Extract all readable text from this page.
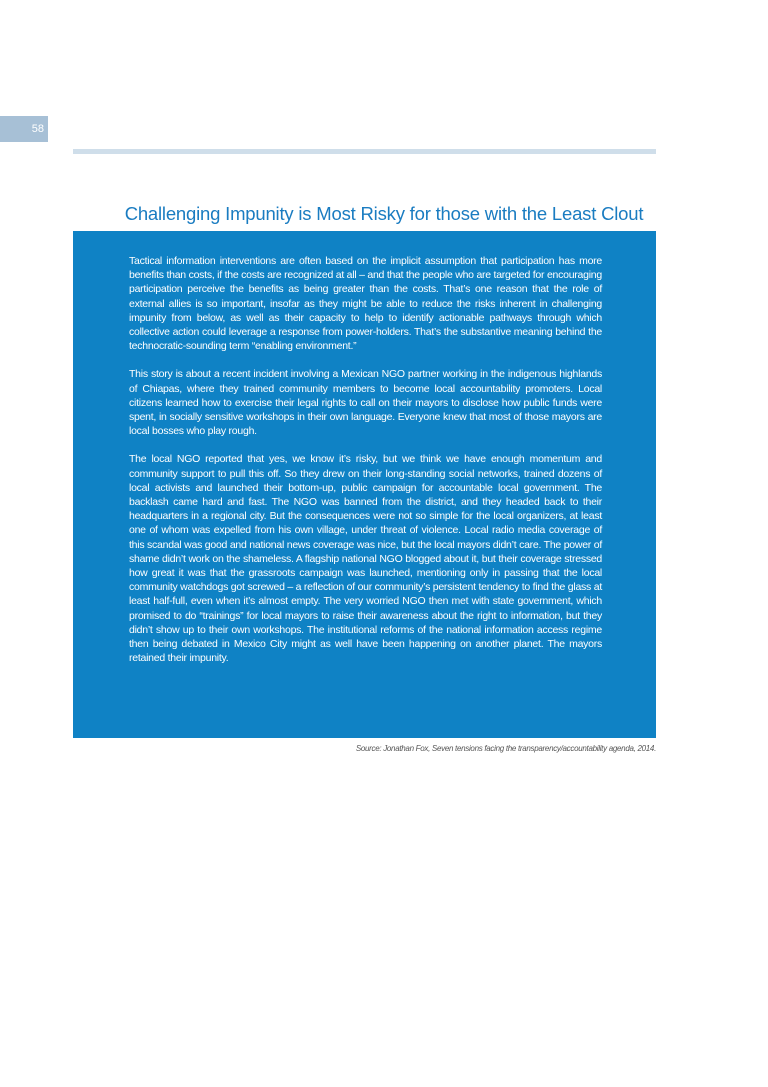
58
Challenging Impunity is Most Risky for those with the Least Clout

Tactical information interventions are often based on the implicit assumption that participation has more benefits than costs, if the costs are recognized at all – and that the people who are targeted for encouraging participation perceive the benefits as being greater than the costs. That’s one reason that the role of external allies is so important, insofar as they might be able to reduce the risks inherent in challenging impunity from below, as well as their capacity to help to identify actionable pathways through which collective action could leverage a response from power-holders. That’s the substantive meaning behind the technocratic-sounding term “enabling environment.”

This story is about a recent incident involving a Mexican NGO partner working in the indigenous highlands of Chiapas, where they trained community members to become local accountability promoters. Local citizens learned how to exercise their legal rights to call on their mayors to disclose how public funds were spent, in socially sensitive workshops in their own language. Everyone knew that most of those mayors are local bosses who play rough.

The local NGO reported that yes, we know it’s risky, but we think we have enough momentum and community support to pull this off. So they drew on their long-standing social networks, trained dozens of local activists and launched their bottom-up, public campaign for accountable local government. The backlash came hard and fast. The NGO was banned from the district, and they headed back to their headquarters in a regional city. But the consequences were not so simple for the local organizers, at least one of whom was expelled from his own village, under threat of violence. Local radio media coverage of this scandal was good and national news coverage was nice, but the local mayors didn’t care. The power of shame didn’t work on the shameless. A flagship national NGO blogged about it, but their coverage stressed how great it was that the grassroots campaign was launched, mentioning only in passing that the local community watchdogs got screwed – a reflection of our community’s persistent tendency to find the glass at least half-full, even when it’s almost empty. The very worried NGO then met with state government, which promised to do “trainings” for local mayors to raise their awareness about the right to information, but they didn’t show up to their own workshops. The institutional reforms of the national information access regime then being debated in Mexico City might as well have been happening on another planet. The mayors retained their impunity.

Source: Jonathan Fox, Seven tensions facing the transparency/accountability agenda, 2014.
